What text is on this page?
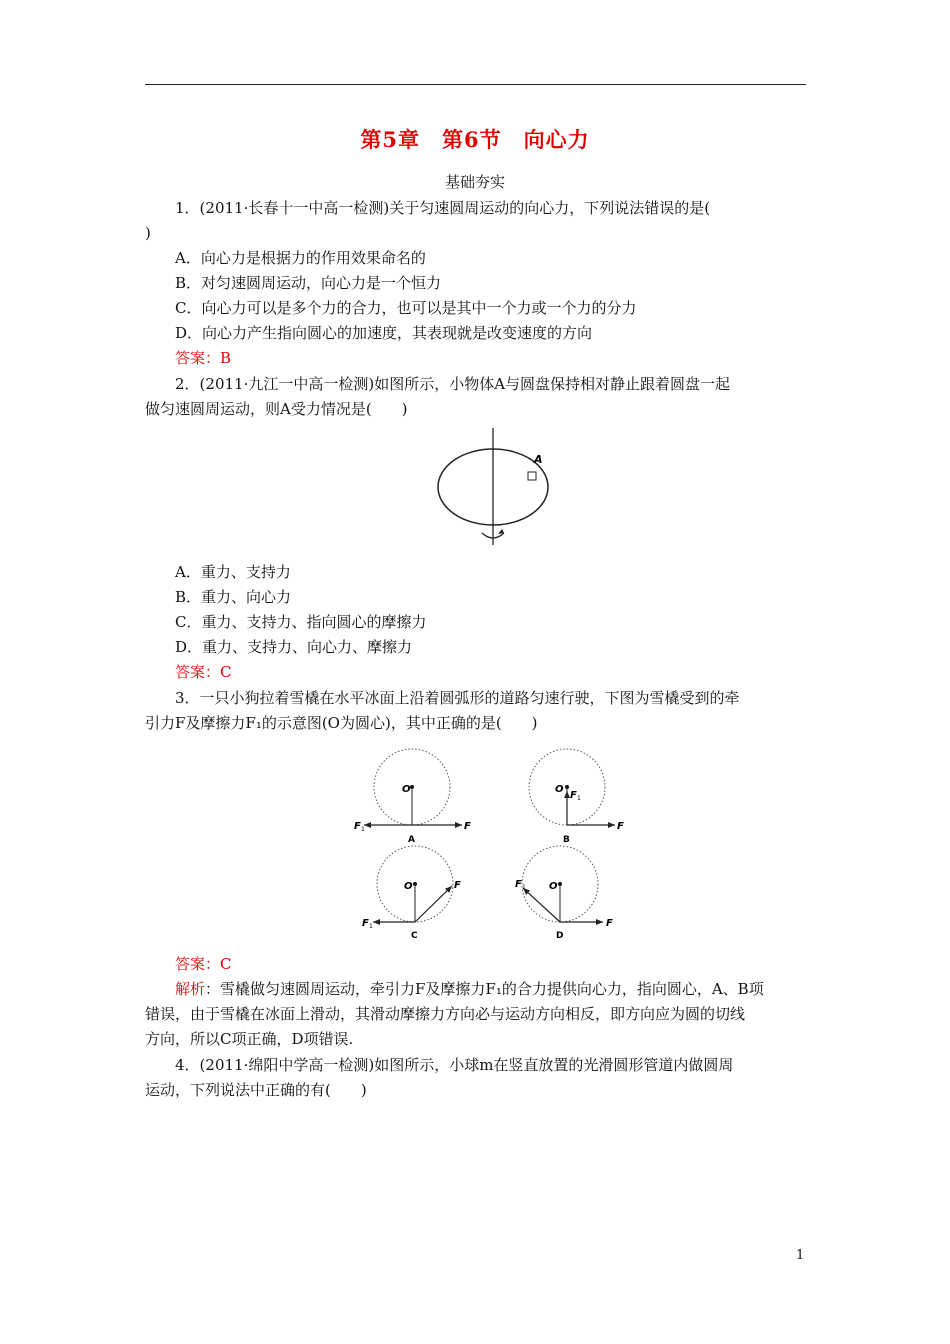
第5章　第6节　向心力
基础夯实
1．(2011·长春十一中高一检测)关于匀速圆周运动的向心力，下列说法错误的是(
)
A．向心力是根据力的作用效果命名的
B．对匀速圆周运动，向心力是一个恒力
C．向心力可以是多个力的合力，也可以是其中一个力或一个力的分力
D．向心力产生指向圆心的加速度，其表现就是改变速度的方向
答案：B
2．(2011·九江一中高一检测)如图所示，小物体A与圆盘保持相对静止跟着圆盘一起
做匀速圆周运动，则A受力情况是(　　)
A
A．重力、支持力
B．重力、向心力
C．重力、支持力、指向圆心的摩擦力
D．重力、支持力、向心力、摩擦力
答案：C
3．一只小狗拉着雪橇在水平冰面上沿着圆弧形的道路匀速行驶，下图为雪橇受到的牵
引力F及摩擦力F₁的示意图(O为圆心)，其中正确的是(　　)
O
F
F 1
A
O
F 1
F
B
O	F
F 1
C
O
F 1
F
D
答案：C
解析：雪橇做匀速圆周运动，牵引力F及摩擦力F₁的合力提供向心力，指向圆心，A、B项
错误，由于雪橇在冰面上滑动，其滑动摩擦力方向必与运动方向相反，即方向应为圆的切线
方向，所以C项正确，D项错误.
4．(2011·绵阳中学高一检测)如图所示，小球m在竖直放置的光滑圆形管道内做圆周
运动，下列说法中正确的有(　　)
1
